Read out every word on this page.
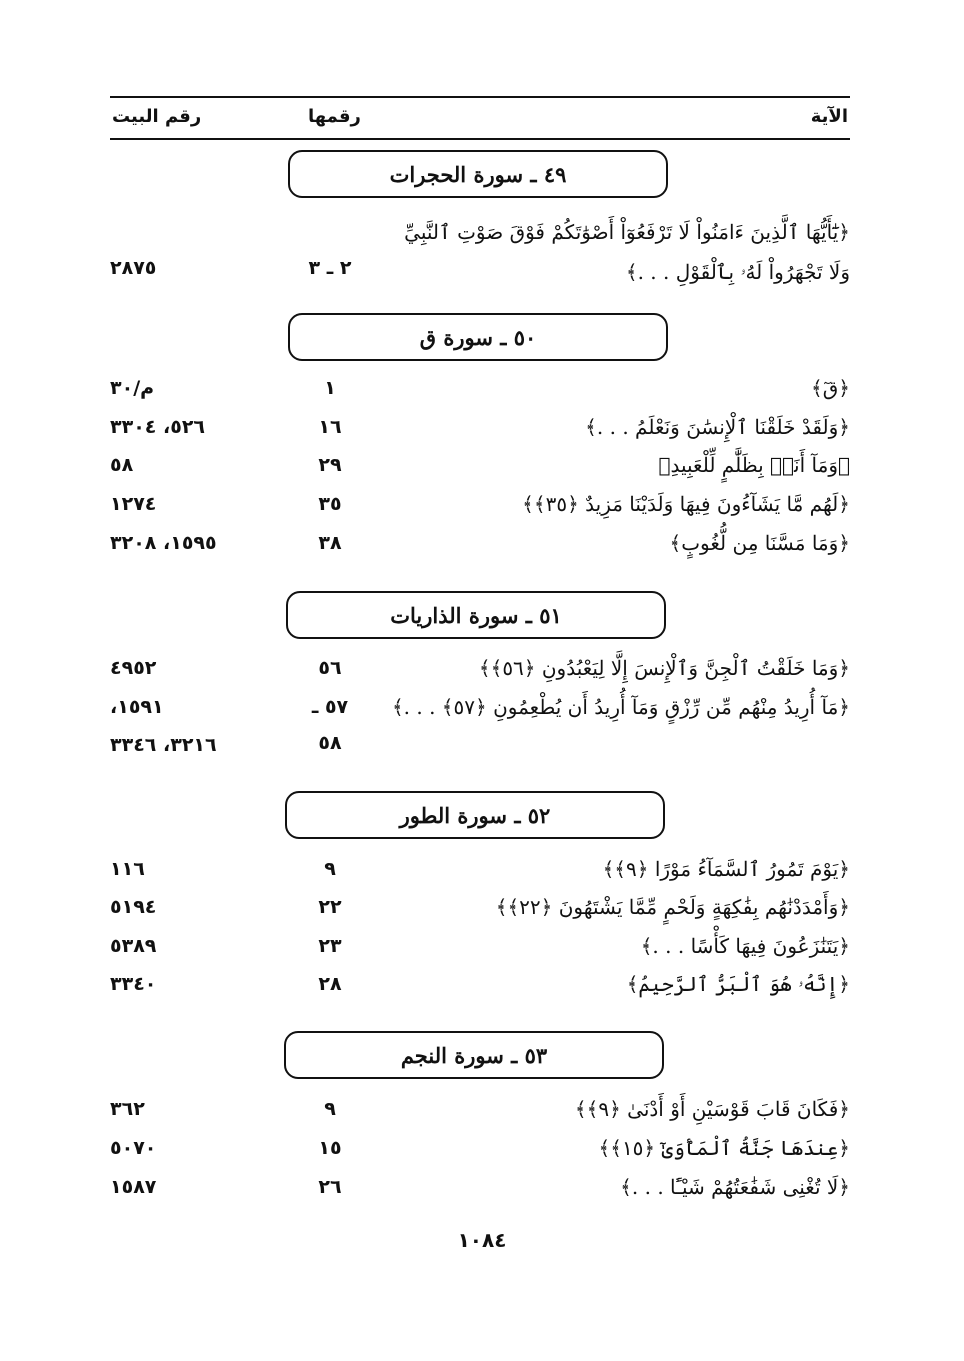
الآية
رقمها
رقم البيت
٤٩ ـ سورة الحجرات
﴿يَٰٓأَيُّهَا ٱلَّذِينَ ءَامَنُواْ لَا تَرْفَعُوٓاْ أَصْوَٰتَكُمْ فَوْقَ صَوْتِ ٱلنَّبِيِّ وَلَا تَجْهَرُواْ لَهُۥ بِٱلْقَوْلِ . . .﴾
٢ ـ ٣
٢٨٧٥
٥٠ ـ سورة ق
﴿قٓ﴾
١
م/٣٠
﴿وَلَقَدْ خَلَقْنَا ٱلْإِنسَٰنَ وَنَعْلَمُ . . .﴾
١٦
٥٢٦، ٣٣٠٤
﴿وَمَآ أَنَا۠ بِظَلَّٰمٍ لِّلْعَبِيدِ﴾
٢٩
٥٨
﴿لَهُم مَّا يَشَآءُونَ فِيهَا وَلَدَيْنَا مَزِيدٌ ﴿٣٥﴾﴾
٣٥
١٢٧٤
﴿وَمَا مَسَّنَا مِن لُّغُوبٍ﴾
٣٨
١٥٩٥، ٣٢٠٨
٥١ ـ سورة الذاريات
﴿وَمَا خَلَقْتُ ٱلْجِنَّ وَٱلْإِنسَ إِلَّا لِيَعْبُدُونِ ﴿٥٦﴾﴾
٥٦
٤٩٥٢
﴿مَآ أُرِيدُ مِنْهُم مِّن رِّزْقٍ وَمَآ أُرِيدُ أَن يُطْعِمُونِ ﴿٥٧﴾ . . .﴾
٥٧ ـ ٥٨
١٥٩١،
٣٢١٦، ٣٣٤٦
٥٢ ـ سورة الطور
﴿يَوْمَ تَمُورُ ٱلسَّمَآءُ مَوْرًا ﴿٩﴾﴾
٩
١١٦
﴿وَأَمْدَدْنَٰهُم بِفَٰكِهَةٍ وَلَحْمٍ مِّمَّا يَشْتَهُونَ ﴿٢٢﴾﴾
٢٢
٥١٩٤
﴿يَتَنَٰزَعُونَ فِيهَا كَأْسًا . . .﴾
٢٣
٥٣٨٩
﴿إِنَّهُۥ هُوَ ٱلْبَرُّ ٱلرَّحِيمُ﴾
٢٨
٣٣٤٠
٥٣ ـ سورة النجم
﴿فَكَانَ قَابَ قَوْسَيْنِ أَوْ أَدْنَىٰ ﴿٩﴾﴾
٩
٣٦٢
﴿عِندَهَا جَنَّةُ ٱلْمَأْوَىٰٓ ﴿١٥﴾﴾
١٥
٥٠٧٠
﴿لَا تُغْنِى شَفَٰعَتُهُمْ شَيْـًٔا . . .﴾
٢٦
١٥٨٧
١٠٨٤
